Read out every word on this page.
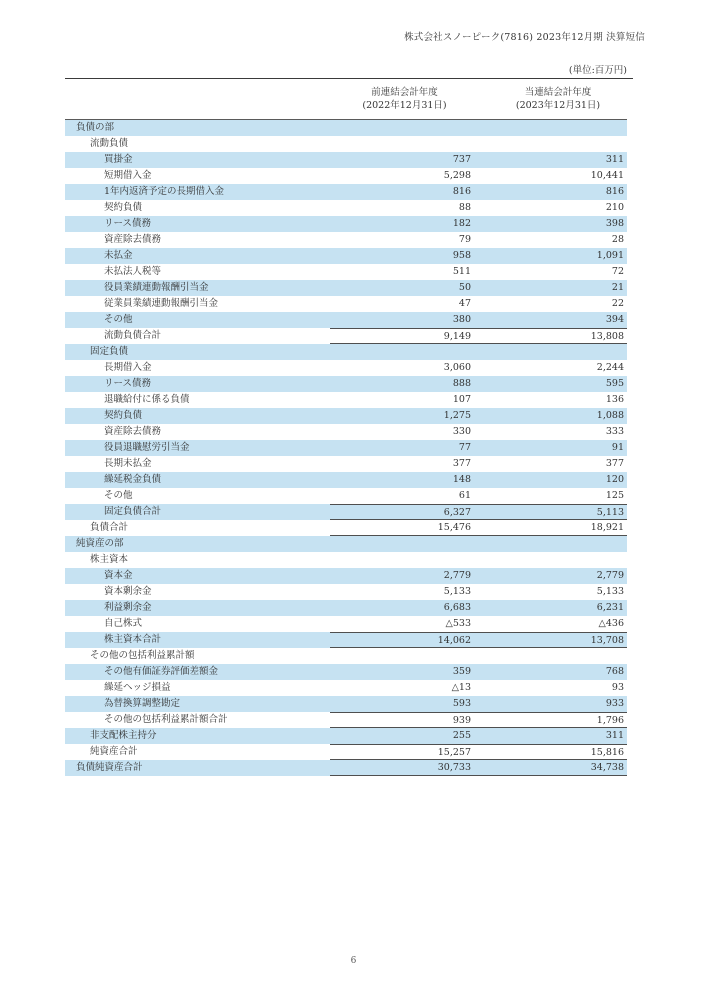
株式会社スノーピーク(7816) 2023年12月期 決算短信
(単位:百万円)
前連結会計年度
(2022年12月31日)
当連結会計年度
(2023年12月31日)
負債の部
流動負債
買掛金	737	311
短期借入金	5,298	10,441
1年内返済予定の長期借入金	816	816
契約負債	88	210
リース債務	182	398
資産除去債務	79	28
未払金	958	1,091
未払法人税等	511	72
役員業績連動報酬引当金	50	21
従業員業績連動報酬引当金	47	22
その他	380	394
流動負債合計	9,149	13,808
固定負債
長期借入金	3,060	2,244
リース債務	888	595
退職給付に係る負債	107	136
契約負債	1,275	1,088
資産除去債務	330	333
役員退職慰労引当金	77	91
長期未払金	377	377
繰延税金負債	148	120
その他	61	125
固定負債合計	6,327	5,113
負債合計	15,476	18,921
純資産の部
株主資本
資本金	2,779	2,779
資本剰余金	5,133	5,133
利益剰余金	6,683	6,231
自己株式	△533	△436
株主資本合計	14,062	13,708
その他の包括利益累計額
その他有価証券評価差額金	359	768
繰延ヘッジ損益	△13	93
為替換算調整勘定	593	933
その他の包括利益累計額合計	939	1,796
非支配株主持分	255	311
純資産合計	15,257	15,816
負債純資産合計	30,733	34,738
6
